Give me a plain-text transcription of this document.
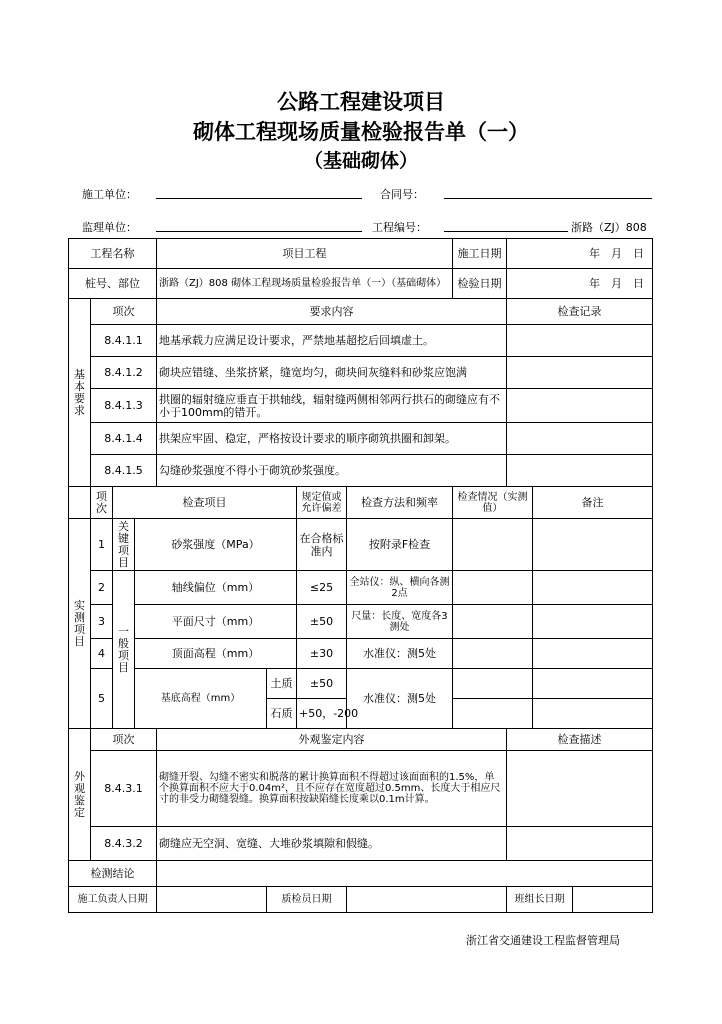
公路工程建设项目
砌体工程现场质量检验报告单（一）
（基础砌体）
施工单位：	合同号：
监理单位：	工程编号：	浙路（ZJ）808
工程名称				项目工程				施工日期	年　月　日		
桩号、部位				浙路（ZJ）808 砌体工程现场质量检验报告单（一）（基础砌体）				检验日期	年　月　日		
基本要求	项次			要求内容					检查记录		
	8.4.1.1			地基承载力应满足设计要求，严禁地基超挖后回填虚土。							
	8.4.1.2			砌块应错缝、坐浆挤紧，缝宽均匀，砌块间灰缝料和砂浆应饱满							
	8.4.1.3			拱圈的辐射缝应垂直于拱轴线，辐射缝两侧相邻两行拱石的砌缝应有不小于100mm的错开。							
	8.4.1.4			拱架应牢固、稳定，严格按设计要求的顺序砌筑拱圈和卸架。							
	8.4.1.5			勾缝砂浆强度不得小于砌筑砂浆强度。							
	项次	检查项目				规定值或允许偏差	检查方法和频率	检查情况（实测值）		备注	
实测项目	1	关键项目	砂浆强度（MPa）			在合格标准内	按附录F检查				
	2	一般项目	轴线偏位（mm）			≤25	全站仪：纵、横向各测2点				
	3		平面尺寸（mm）			±50	尺量：长度、宽度各3测处				
	4		顶面高程（mm）			±30	水准仪：测5处				
	5		基底高程（mm）		土质	±50	水准仪：测5处				
					石质	+50，-200					

外观鉴定	项次			外观鉴定内容					检查描述		
	8.4.3.1			砌缝开裂、勾缝不密实和脱落的累计换算面积不得超过该面面积的1.5%，单个换算面积不应大于0.04m²，且不应存在宽度超过0.5mm、长度大于相应尺寸的非受力砌缝裂缝。换算面积按缺陷缝长度乘以0.1m计算。							
	8.4.3.2			砌缝应无空洞、宽缝、大堆砂浆填隙和假缝。							
检测结论											
施工负责人日期					质检员日期				班组长日期		
浙江省交通建设工程监督管理局
